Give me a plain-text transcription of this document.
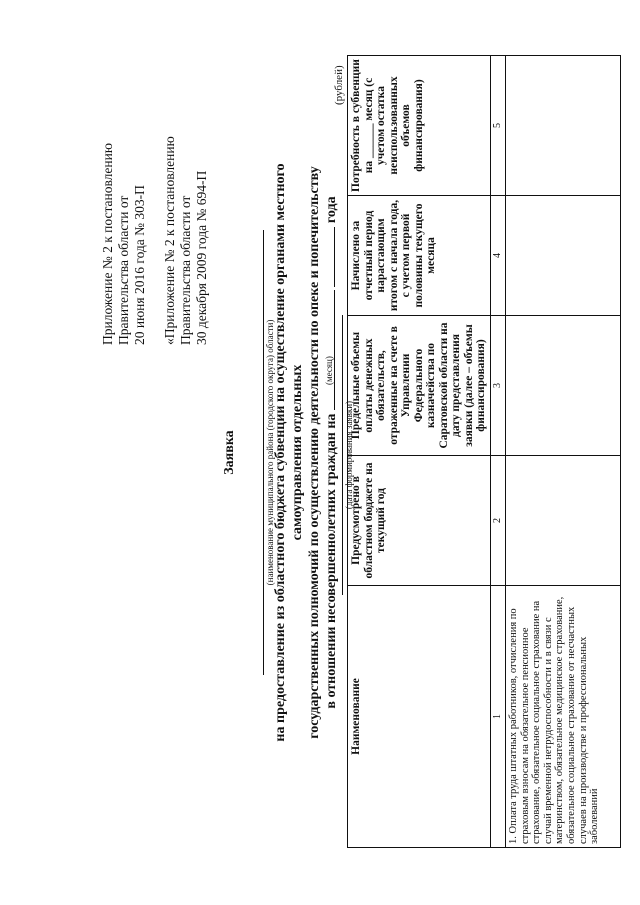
Приложение № 2 к постановлению Правительства области от 20 июня 2016 года № 303-П «Приложение № 2 к постановлению Правительства области от 30 декабря 2009 года № 694-П
Заявка	(наименование муниципального района (городского округа) области)
на предоставление из областного бюджета субвенции на осуществление органами местного самоуправления отдельных государственных полномочий по осуществлению деятельности по опеке и попечительству в отношении несовершеннолетних граждан на   года
(месяц)
(дата формирования заявки)
(рублей)
Наименование	Предусмотрено в областном бюджете на текущий год	Предельные объемы оплаты денежных обязательств, отраженные на счете в Управлении Федерального казначейства по Саратовской области на дату представления заявки (далее – объемы финансирования)	Начислено за отчетный период нарастающим итогом с начала года, с учетом первой половины текущего месяца	Потребность в субвенции на ______ месяц (с учетом остатка неиспользованных объемов финансирования)
1	2	3	4	5
1. Оплата труда штатных работников, отчисления по страховым взносам на обязательное пенсионное страхование, обязательное социальное страхование на случай временной нетрудоспособности и в связи с материнством, обязательное медицинское страхование, обязательное социальное страхование от несчастных случаев на производстве и профессиональных заболеваний				
